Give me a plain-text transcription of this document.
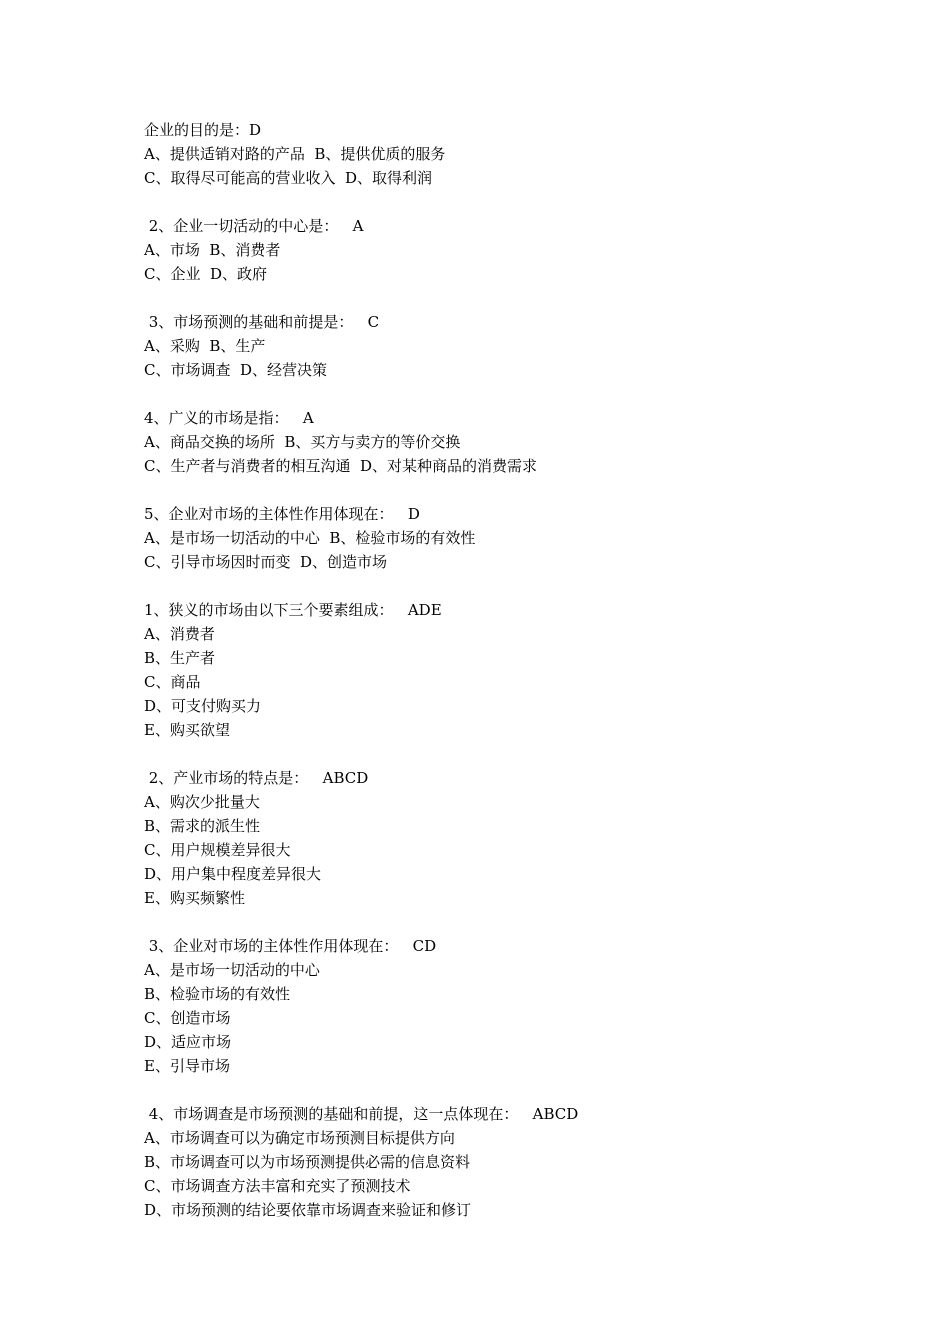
企业的目的是：D
A、提供适销对路的产品  B、提供优质的服务
C、取得尽可能高的营业收入  D、取得利润
2、企业一切活动的中心是：   A
A、市场  B、消费者
C、企业  D、政府
3、市场预测的基础和前提是：   C
A、采购  B、生产
C、市场调查  D、经营决策
4、广义的市场是指：   A
A、商品交换的场所  B、买方与卖方的等价交换
C、生产者与消费者的相互沟通  D、对某种商品的消费需求
5、企业对市场的主体性作用体现在：   D
A、是市场一切活动的中心  B、检验市场的有效性
C、引导市场因时而变  D、创造市场
1、狭义的市场由以下三个要素组成：   ADE
A、消费者
B、生产者
C、商品
D、可支付购买力
E、购买欲望
2、产业市场的特点是：   ABCD
A、购次少批量大
B、需求的派生性
C、用户规模差异很大
D、用户集中程度差异很大
E、购买频繁性
3、企业对市场的主体性作用体现在：   CD
A、是市场一切活动的中心
B、检验市场的有效性
C、创造市场
D、适应市场
E、引导市场
4、市场调查是市场预测的基础和前提，这一点体现在：   ABCD
A、市场调查可以为确定市场预测目标提供方向
B、市场调查可以为市场预测提供必需的信息资料
C、市场调查方法丰富和充实了预测技术
D、市场预测的结论要依靠市场调查来验证和修订
